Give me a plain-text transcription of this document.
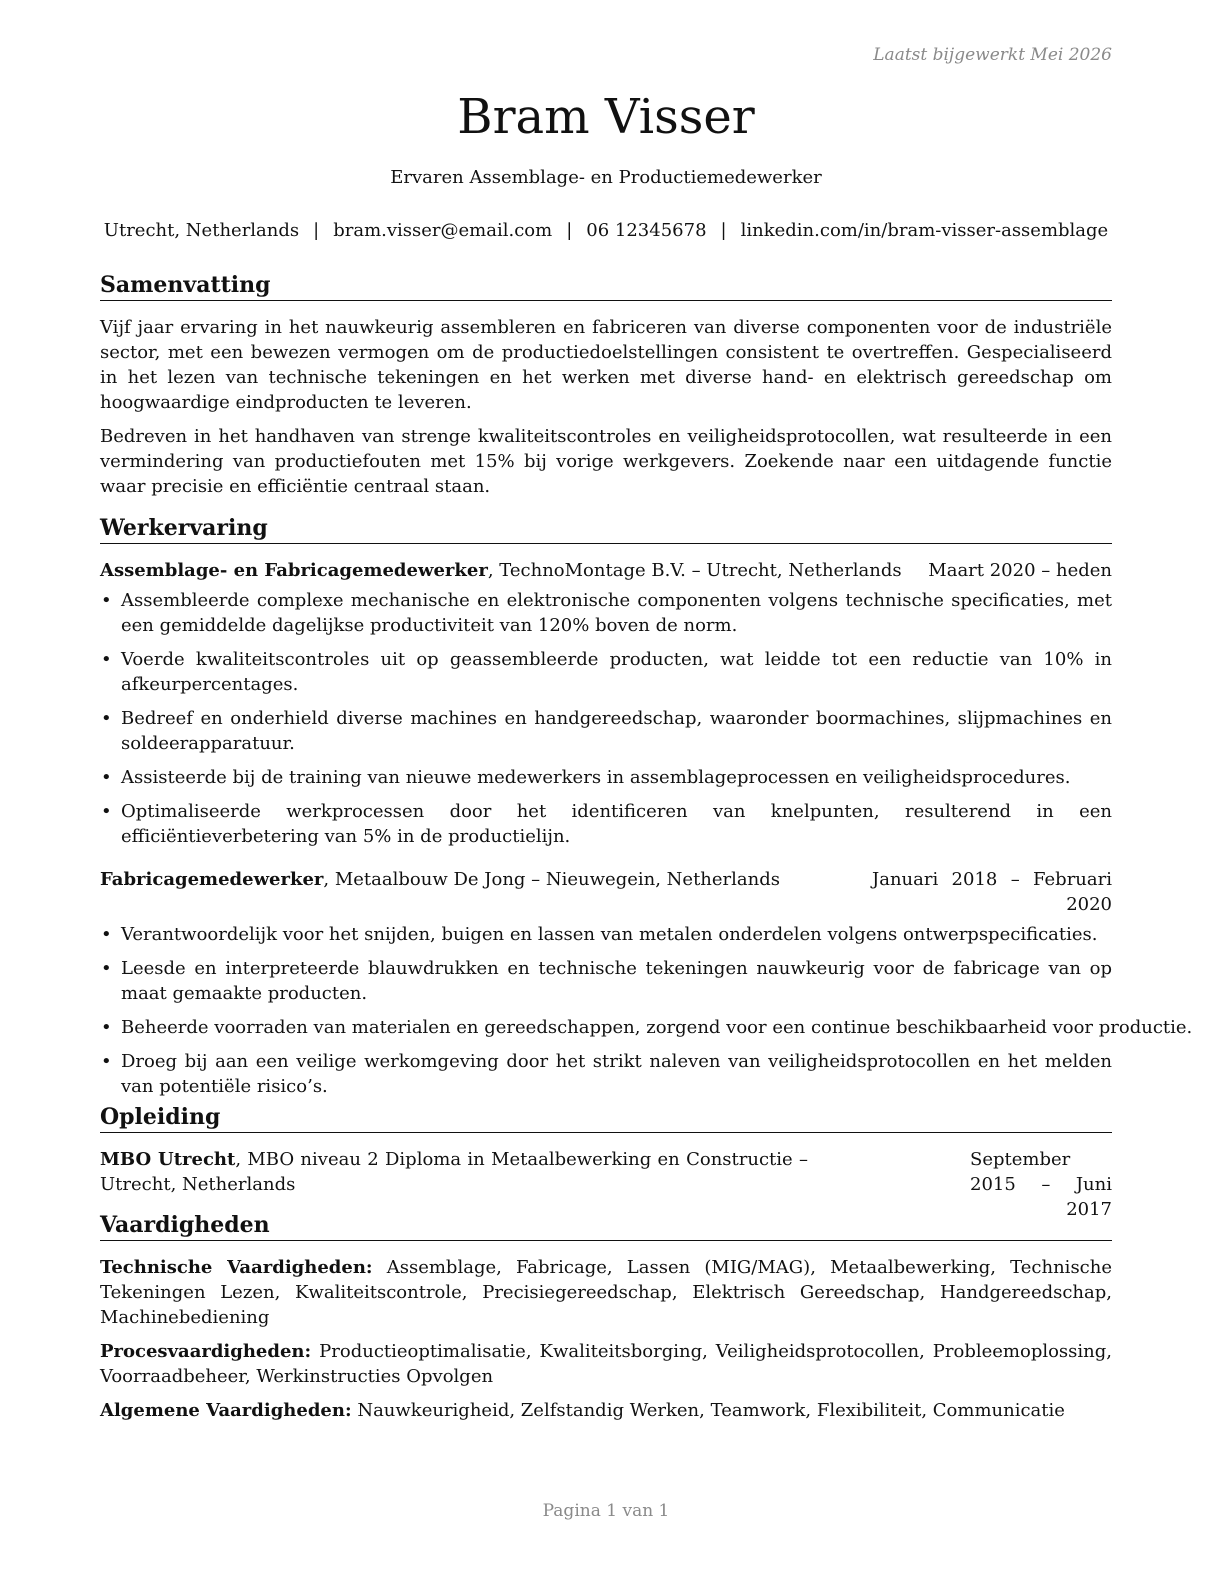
Laatst bijgewerkt Mei 2026
Bram Visser
Ervaren Assemblage- en Productiemedewerker
Utrecht, Netherlands | bram.visser@email.com | 06 12345678 | linkedin.com/in/bram-visser-assemblage
Samenvatting

Vijf jaar ervaring in het nauwkeurig assembleren en fabriceren van diverse componenten voor de industriële sector, met een bewezen vermogen om de productiedoelstellingen consistent te overtreffen. Gespecialiseerd in het lezen van technische tekeningen en het werken met diverse hand- en elektrisch gereedschap om hoogwaardige eindproducten te leveren.

Bedreven in het handhaven van strenge kwaliteitscontroles en veiligheidsprotocollen, wat resulteerde in een vermindering van productiefouten met 15% bij vorige werkgevers. Zoekende naar een uitdagende functie waar precisie en efficiëntie centraal staan.

Werkervaring
Assemblage- en Fabricagemedewerker, TechnoMontage B.V. – Utrecht, Netherlands	Maart 2020 – heden
• Assembleerde complexe mechanische en elektronische componenten volgens technische specificaties, met een gemiddelde dagelijkse productiviteit van 120% boven de norm.
• Voerde kwaliteitscontroles uit op geassembleerde producten, wat leidde tot een reductie van 10% in afkeurpercentages.
• Bedreef en onderhield diverse machines en handgereedschap, waaronder boormachines, slijpmachines en soldeerapparatuur.
• Assisteerde bij de training van nieuwe medewerkers in assemblageprocessen en veiligheidsprocedures.
• Optimaliseerde werkprocessen door het identificeren van knelpunten, resulterend in een efficiëntieverbetering van 5% in de productielijn.
Fabricagemedewerker, Metaalbouw De Jong – Nieuwegein, Netherlands	Januari 2018 – Februari 2020
• Verantwoordelijk voor het snijden, buigen en lassen van metalen onderdelen volgens ontwerpspecificaties.
• Leesde en interpreteerde blauwdrukken en technische tekeningen nauwkeurig voor de fabricage van op maat gemaakte producten.
• Beheerde voorraden van materialen en gereedschappen, zorgend voor een continue beschikbaarheid voor productie.
• Droeg bij aan een veilige werkomgeving door het strikt naleven van veiligheidsprotocollen en het melden van potentiële risico’s.
Opleiding
MBO Utrecht, MBO niveau 2 Diploma in Metaalbewerking en Constructie – Utrecht, Netherlands
September 2015 – Juni 2017
Vaardigheden

Technische Vaardigheden: Assemblage, Fabricage, Lassen (MIG/MAG), Metaalbewerking, Technische Tekeningen Lezen, Kwaliteitscontrole, Precisiegereedschap, Elektrisch Gereedschap, Handgereedschap, Machinebediening

Procesvaardigheden: Productieoptimalisatie, Kwaliteitsborging, Veiligheidsprotocollen, Probleemoplossing, Voorraadbeheer, Werkinstructies Opvolgen

Algemene Vaardigheden: Nauwkeurigheid, Zelfstandig Werken, Teamwork, Flexibiliteit, Communicatie

Pagina 1 van 1
